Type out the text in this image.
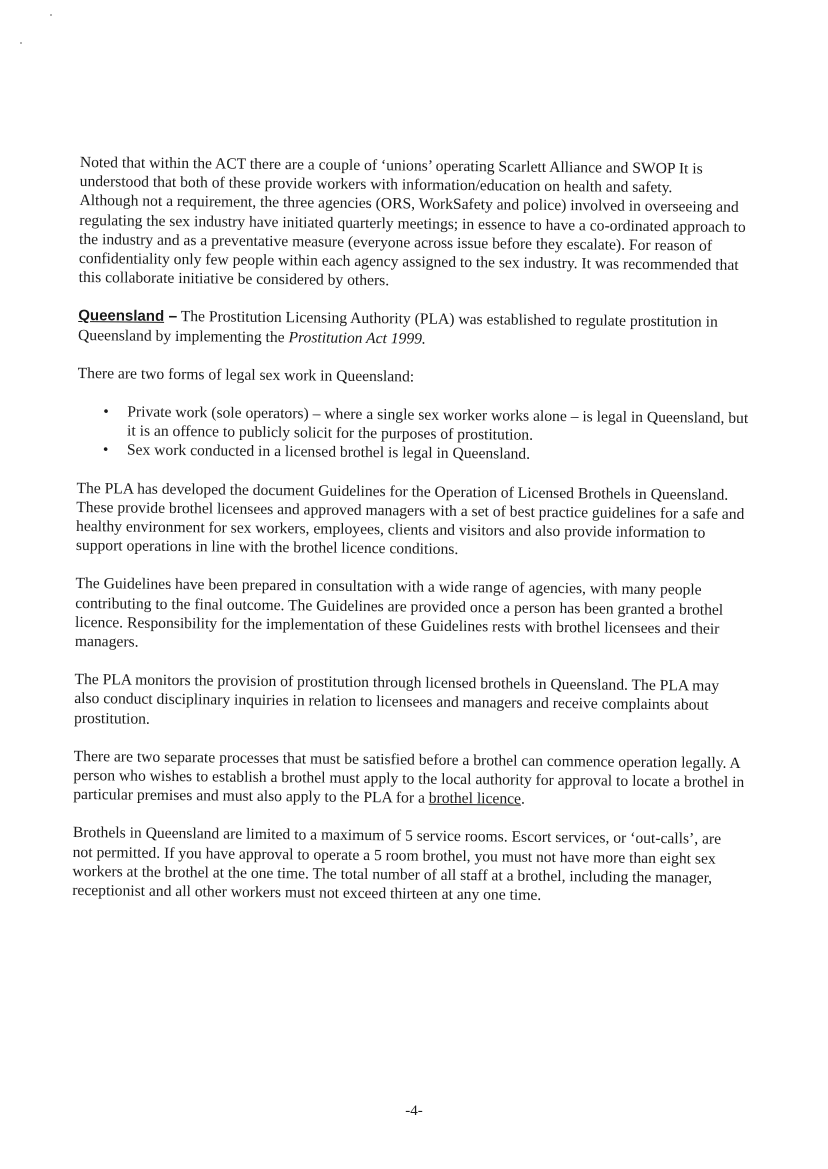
Noted that within the ACT there are a couple of ‘unions’ operating Scarlett Alliance and SWOP It is understood that both of these provide workers with information/education on health and safety.

Although not a requirement, the three agencies (ORS, WorkSafety and police) involved in overseeing and regulating the sex industry have initiated quarterly meetings; in essence to have a co-ordinated approach to the industry and as a preventative measure (everyone across issue before they escalate). For reason of confidentiality only few people within each agency assigned to the sex industry. It was recommended that this collaborate initiative be considered by others.

Queensland – The Prostitution Licensing Authority (PLA) was established to regulate prostitution in Queensland by implementing the Prostitution Act 1999.

There are two forms of legal sex work in Queensland:

• Private work (sole operators) – where a single sex worker works alone – is legal in Queensland, but it is an offence to publicly solicit for the purposes of prostitution.
• Sex work conducted in a licensed brothel is legal in Queensland.

The PLA has developed the document Guidelines for the Operation of Licensed Brothels in Queensland. These provide brothel licensees and approved managers with a set of best practice guidelines for a safe and healthy environment for sex workers, employees, clients and visitors and also provide information to support operations in line with the brothel licence conditions.

The Guidelines have been prepared in consultation with a wide range of agencies, with many people contributing to the final outcome. The Guidelines are provided once a person has been granted a brothel licence. Responsibility for the implementation of these Guidelines rests with brothel licensees and their managers.

The PLA monitors the provision of prostitution through licensed brothels in Queensland. The PLA may also conduct disciplinary inquiries in relation to licensees and managers and receive complaints about prostitution.

There are two separate processes that must be satisfied before a brothel can commence operation legally. A person who wishes to establish a brothel must apply to the local authority for approval to locate a brothel in particular premises and must also apply to the PLA for a brothel licence.

Brothels in Queensland are limited to a maximum of 5 service rooms. Escort services, or ‘out-calls’, are not permitted. If you have approval to operate a 5 room brothel, you must not have more than eight sex workers at the brothel at the one time. The total number of all staff at a brothel, including the manager, receptionist and all other workers must not exceed thirteen at any one time.

-4-
